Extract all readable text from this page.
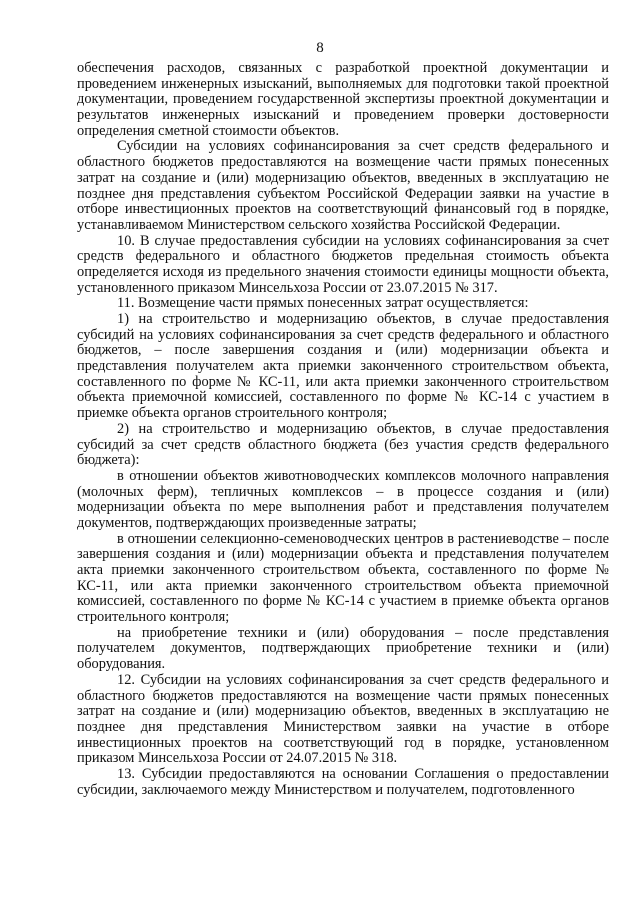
8

обеспечения расходов, связанных с разработкой проектной документации и проведением инженерных изысканий, выполняемых для подготовки такой проектной документации, проведением государственной экспертизы проектной документации и результатов инженерных изысканий и проведением проверки достоверности определения сметной стоимости объектов.

Субсидии на условиях софинансирования за счет средств федерального и областного бюджетов предоставляются на возмещение части прямых понесенных затрат на создание и (или) модернизацию объектов, введенных в эксплуатацию не позднее дня представления субъектом Российской Федерации заявки на участие в отборе инвестиционных проектов на соответствующий финансовый год в порядке, устанавливаемом Министерством сельского хозяйства Российской Федерации.

10. В случае предоставления субсидии на условиях софинансирования за счет средств федерального и областного бюджетов предельная стоимость объекта определяется исходя из предельного значения стоимости единицы мощности объекта, установленного приказом Минсельхоза России от 23.07.2015 № 317.

11. Возмещение части прямых понесенных затрат осуществляется:

1) на строительство и модернизацию объектов, в случае предоставления субсидий на условиях софинансирования за счет средств федерального и областного бюджетов, – после завершения создания и (или) модернизации объекта и представления получателем акта приемки законченного строительством объекта, составленного по форме № КС-11, или акта приемки законченного строительством объекта приемочной комиссией, составленного по форме № КС-14 с участием в приемке объекта органов строительного контроля;

2) на строительство и модернизацию объектов, в случае предоставления субсидий за счет средств областного бюджета (без участия средств федерального бюджета):

в отношении объектов животноводческих комплексов молочного направления (молочных ферм), тепличных комплексов – в процессе создания и (или) модернизации объекта по мере выполнения работ и представления получателем документов, подтверждающих произведенные затраты;

в отношении селекционно-семеноводческих центров в растениеводстве – после завершения создания и (или) модернизации объекта и представления получателем акта приемки законченного строительством объекта, составленного по форме № КС-11, или акта приемки законченного строительством объекта приемочной комиссией, составленного по форме № КС-14 с участием в приемке объекта органов строительного контроля;

на приобретение техники и (или) оборудования – после представления получателем документов, подтверждающих приобретение техники и (или) оборудования.

12. Субсидии на условиях софинансирования за счет средств федерального и областного бюджетов предоставляются на возмещение части прямых понесенных затрат на создание и (или) модернизацию объектов, введенных в эксплуатацию не позднее дня представления Министерством заявки на участие в отборе инвестиционных проектов на соответствующий год в порядке, установленном приказом Минсельхоза России от 24.07.2015 № 318.

13. Субсидии предоставляются на основании Соглашения о предоставлении субсидии, заключаемого между Министерством и получателем, подготовленного
